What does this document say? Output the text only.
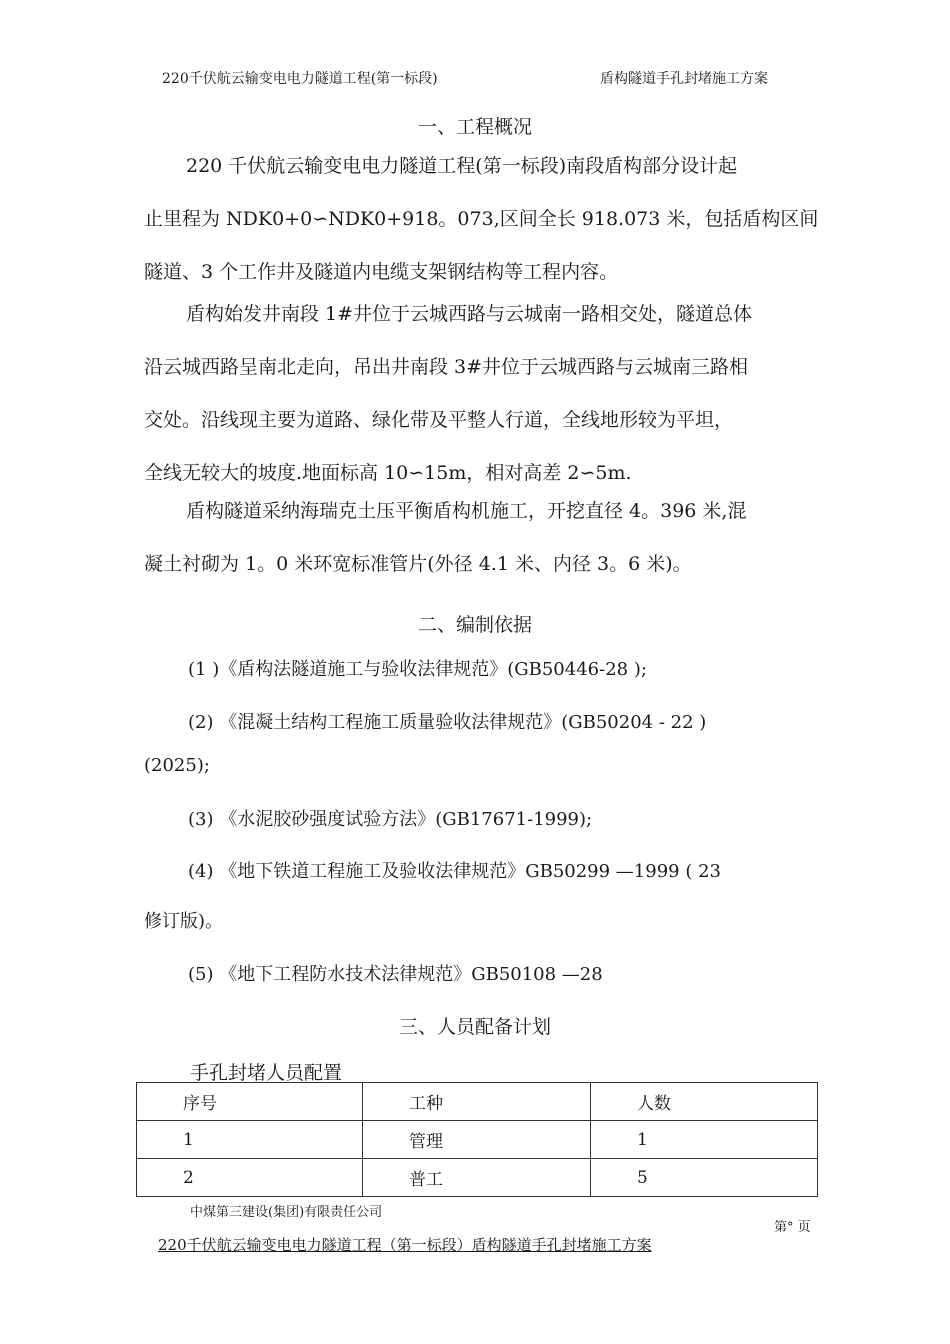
220千伏航云输变电电力隧道工程(第一标段)	盾构隧道手孔封堵施工方案
一、工程概况
220 千伏航云输变电电力隧道工程(第一标段)南段盾构部分设计起
止里程为 NDK0+0∽NDK0+918。073,区间全长 918.073 米，包括盾构区间
隧道、3 个工作井及隧道内电缆支架钢结构等工程内容。
盾构始发井南段 1#井位于云城西路与云城南一路相交处，隧道总体
沿云城西路呈南北走向，吊出井南段 3#井位于云城西路与云城南三路相
交处。沿线现主要为道路、绿化带及平整人行道，全线地形较为平坦，
全线无较大的坡度.地面标高 10∽15m，相对高差 2∽5m.
盾构隧道采纳海瑞克土压平衡盾构机施工，开挖直径 4。396 米,混
凝土衬砌为 1。0 米环宽标准管片(外径 4.1 米、内径 3。6 米)。
二、编制依据
(1 )《盾构法隧道施工与验收法律规范》(GB50446-28 );
(2) 《混凝土结构工程施工质量验收法律规范》(GB50204 - 22 )
(2025);
(3) 《水泥胶砂强度试验方法》(GB17671-1999);
(4) 《地下铁道工程施工及验收法律规范》GB50299 —1999 ( 23
修订版)。
(5) 《地下工程防水技术法律规范》GB50108 —28
三、人员配备计划
手孔封堵人员配置
序号	工种	人数
1	管理	1
2	普工	5
中煤第三建设(集团)有限责任公司
第° 页
220千伏航云输变电电力隧道工程（第一标段）盾构隧道手孔封堵施工方案
